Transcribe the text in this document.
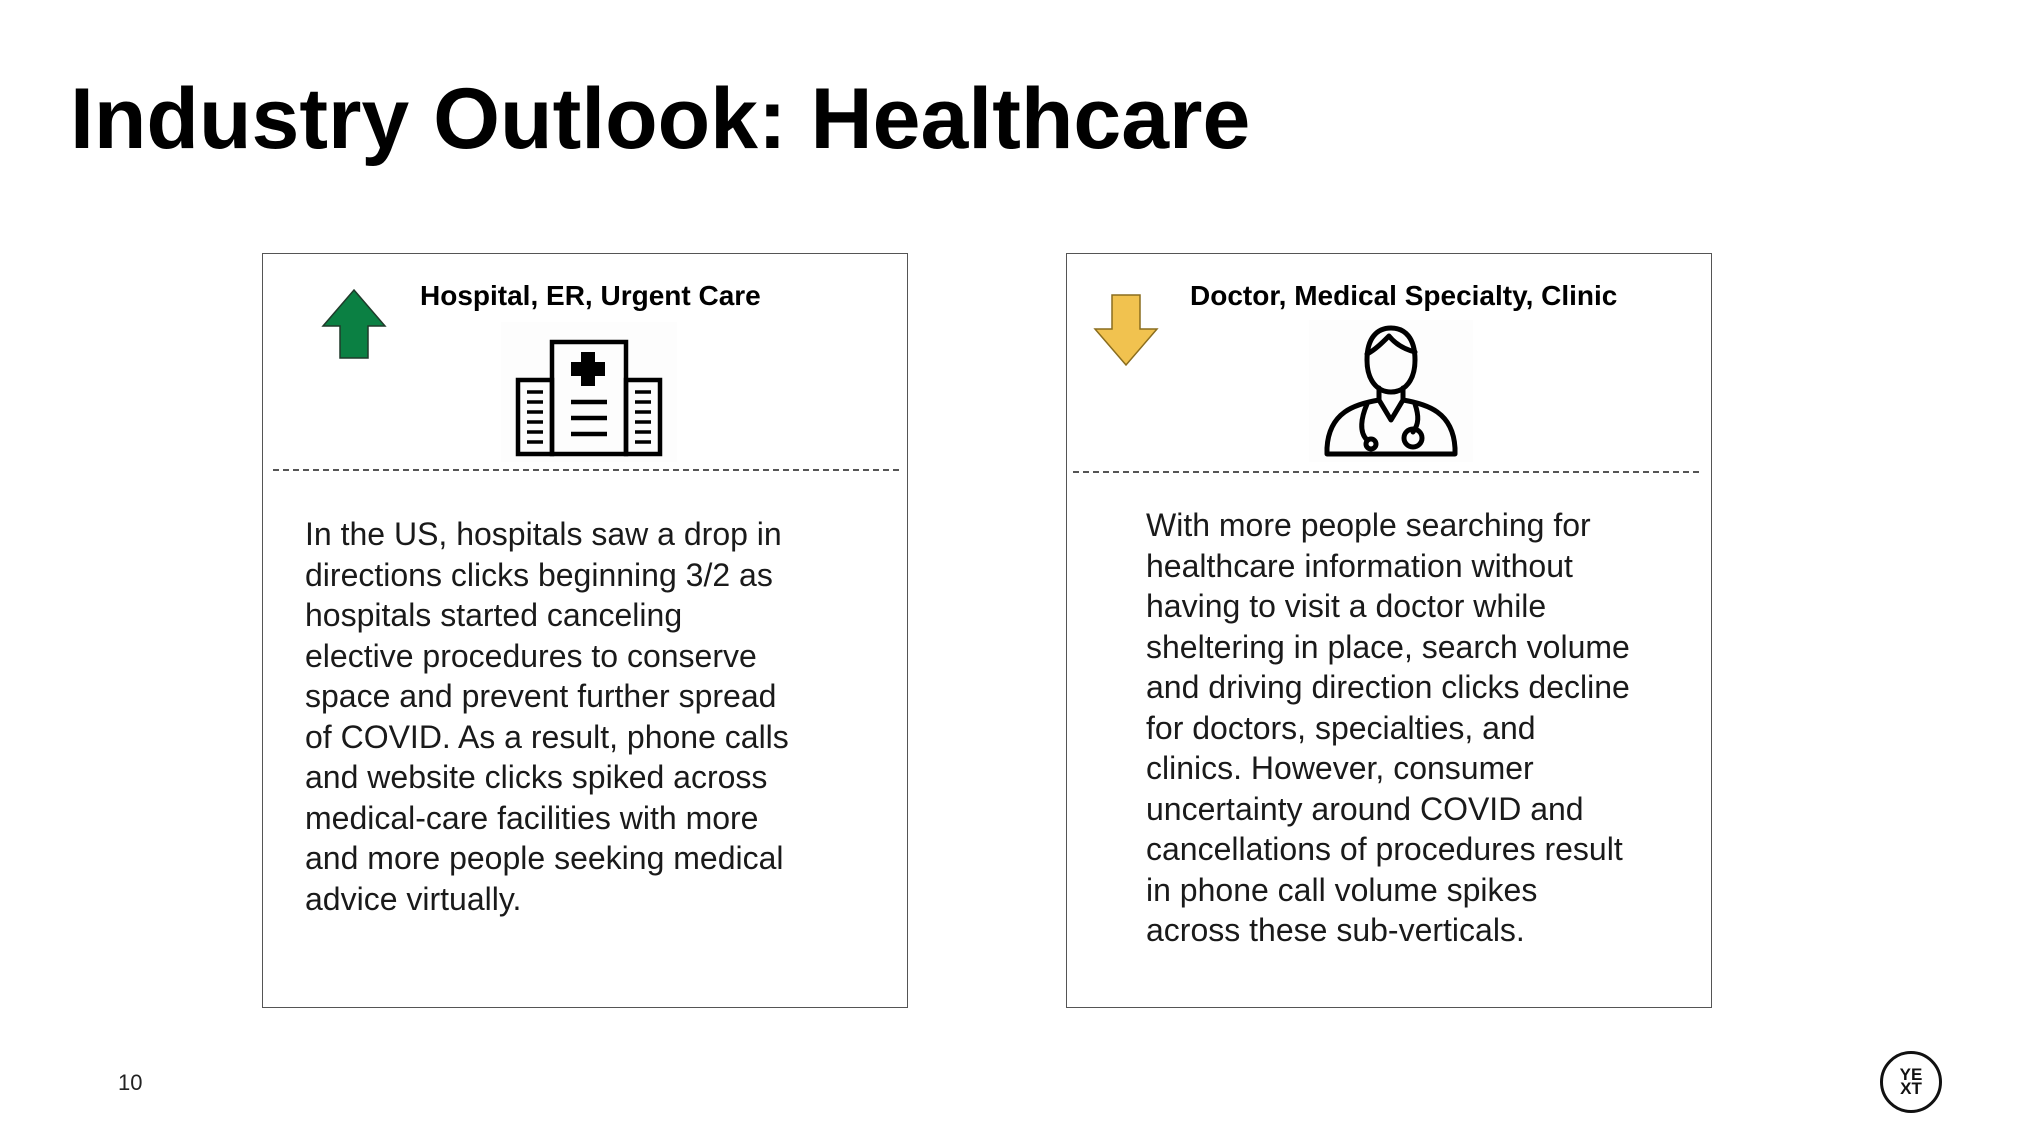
Industry Outlook: Healthcare
Hospital, ER, Urgent Care

In the US, hospitals saw a drop in
directions clicks beginning 3/2 as
hospitals started canceling
elective procedures to conserve
space and prevent further spread
of COVID. As a result, phone calls
and website clicks spiked across
medical-care facilities with more
and more people seeking medical
advice virtually.

Doctor, Medical Specialty, Clinic

With more people searching for
healthcare information without
having to visit a doctor while
sheltering in place, search volume
and driving direction clicks decline
for doctors, specialties, and
clinics. However, consumer
uncertainty around COVID and
cancellations of procedures result
in phone call volume spikes
across these sub-verticals.

10	YE
XT
